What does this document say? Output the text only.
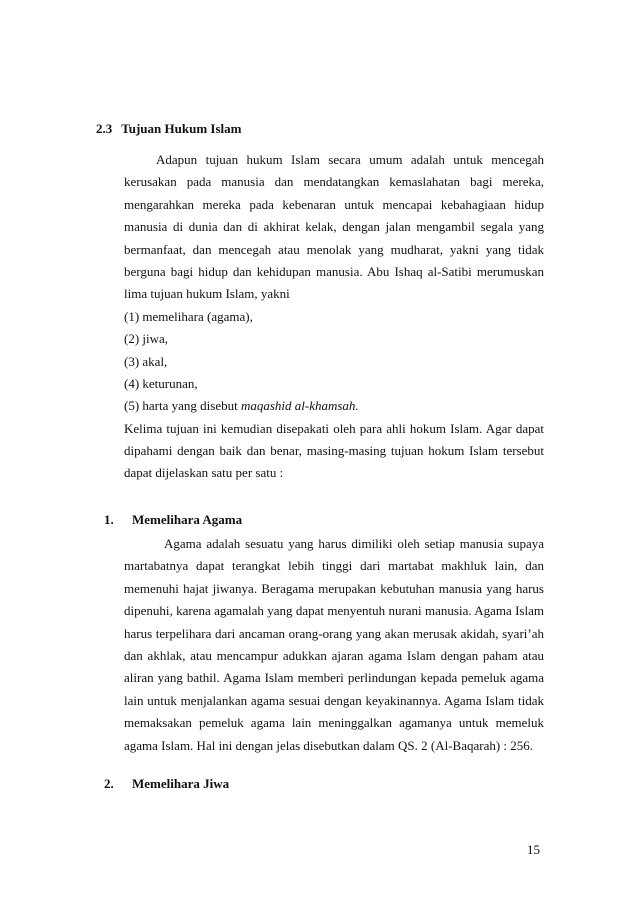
2.3 Tujuan Hukum Islam
Adapun tujuan hukum Islam secara umum adalah untuk mencegah
kerusakan pada manusia dan mendatangkan kemaslahatan bagi mereka,
mengarahkan mereka pada kebenaran untuk mencapai kebahagiaan hidup
manusia di dunia dan di akhirat kelak, dengan jalan mengambil segala yang
bermanfaat, dan mencegah atau menolak yang mudharat, yakni yang tidak
berguna bagi hidup dan kehidupan manusia. Abu Ishaq al-Satibi merumuskan
lima tujuan hukum Islam, yakni
(1) memelihara (agama),
(2) jiwa,
(3) akal,
(4) keturunan,
(5) harta yang disebut maqashid al-khamsah.
Kelima tujuan ini kemudian disepakati oleh para ahli hokum Islam. Agar dapat
dipahami dengan baik dan benar, masing-masing tujuan hokum Islam tersebut
dapat dijelaskan satu per satu :
1. Memelihara Agama
Agama adalah sesuatu yang harus dimiliki oleh setiap manusia supaya
martabatnya dapat terangkat lebih tinggi dari martabat makhluk lain, dan
memenuhi hajat jiwanya. Beragama merupakan kebutuhan manusia yang harus
dipenuhi, karena agamalah yang dapat menyentuh nurani manusia. Agama Islam
harus terpelihara dari ancaman orang-orang yang akan merusak akidah, syari’ah
dan akhlak, atau mencampur adukkan ajaran agama Islam dengan paham atau
aliran yang bathil. Agama Islam memberi perlindungan kepada pemeluk agama
lain untuk menjalankan agama sesuai dengan keyakinannya. Agama Islam tidak
memaksakan pemeluk agama lain meninggalkan agamanya untuk memeluk
agama Islam. Hal ini dengan jelas disebutkan dalam QS. 2 (Al-Baqarah) : 256.
2. Memelihara Jiwa
15
